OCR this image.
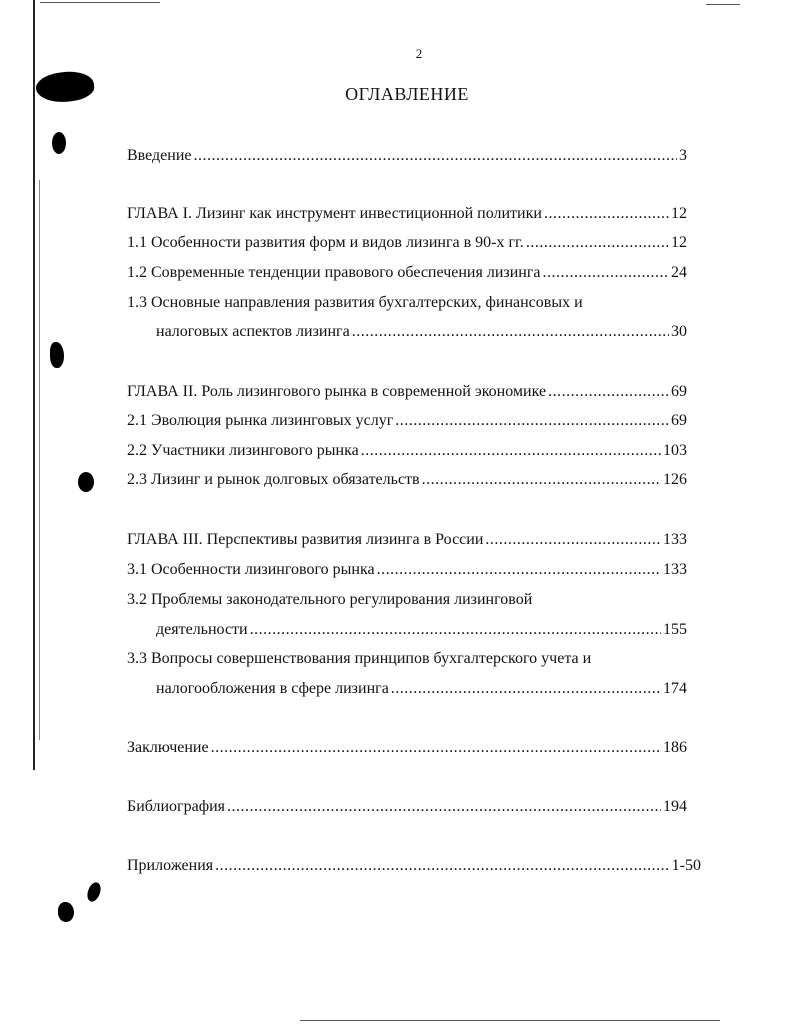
2
ОГЛАВЛЕНИЕ
Введение .....	3
ГЛАВА I. Лизинг как инструмент инвестиционной политики .....	12
1.1 Особенности развития форм и видов лизинга в 90-х гг. .....	12
1.2 Современные тенденции правового обеспечения лизинга .....	24
1.3 Основные направления развития бухгалтерских, финансовых и
налоговых аспектов лизинга .....	30
ГЛАВА II. Роль лизингового рынка в современной экономике .....	69
2.1 Эволюция рынка лизинговых услуг .....	69
2.2 Участники лизингового рынка .....	103
2.3 Лизинг и рынок долговых обязательств .....	126
ГЛАВА III. Перспективы развития лизинга в России .....	133
3.1 Особенности лизингового рынка .....	133
3.2 Проблемы законодательного регулирования лизинговой
деятельности .....	155
3.3 Вопросы совершенствования принципов бухгалтерского учета и
налогообложения в сфере лизинга .....	174
Заключение .....	186
Библиография .....	194
Приложения .....	1-50
